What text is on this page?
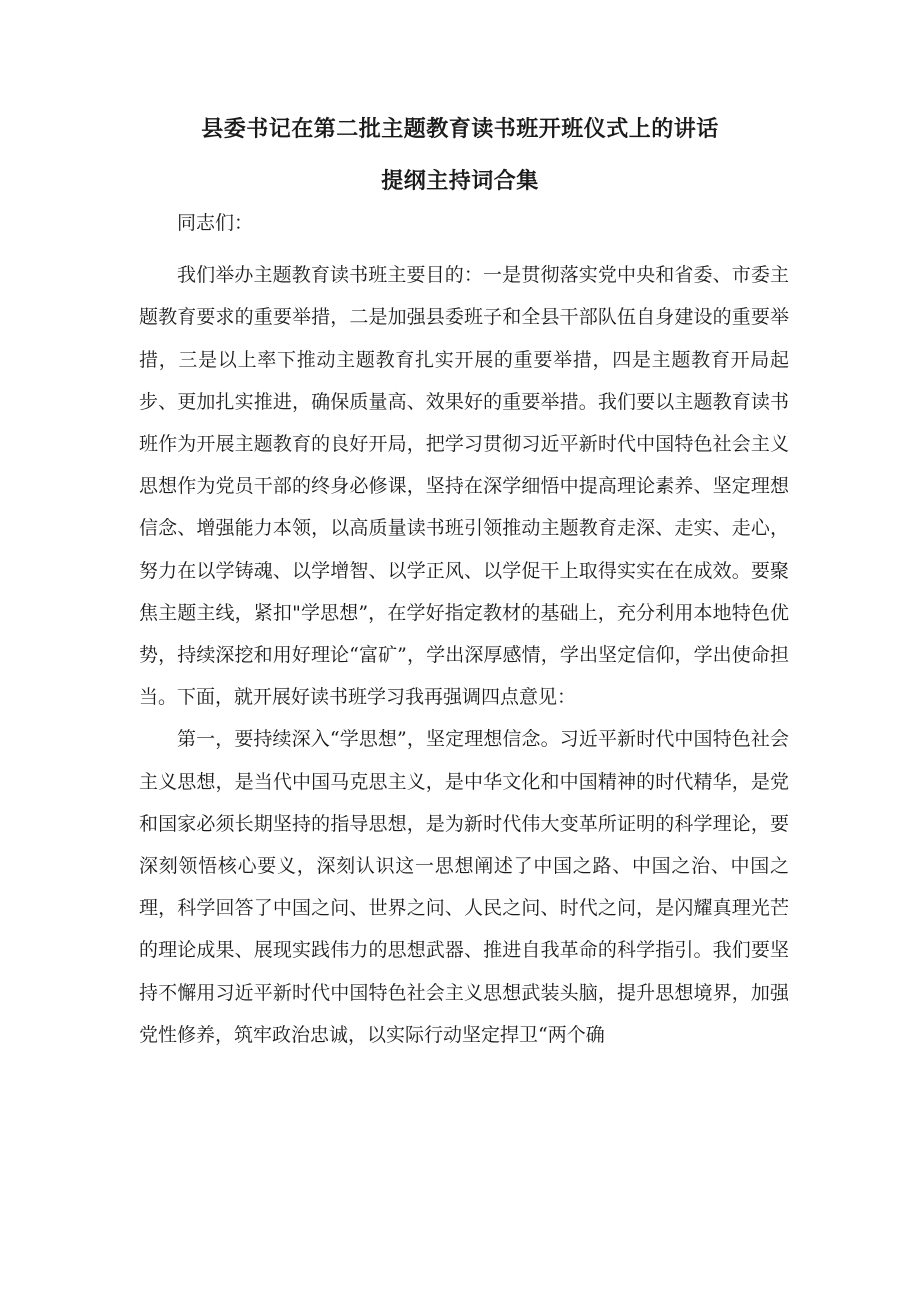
县委书记在第二批主题教育读书班开班仪式上的讲话
提纲主持词合集

同志们：

我们举办主题教育读书班主要目的：一是贯彻落实党中央和省委、市委主题教育要求的重要举措，二是加强县委班子和全县干部队伍自身建设的重要举措，三是以上率下推动主题教育扎实开展的重要举措，四是主题教育开局起步、更加扎实推进，确保质量高、效果好的重要举措。我们要以主题教育读书班作为开展主题教育的良好开局，把学习贯彻习近平新时代中国特色社会主义思想作为党员干部的终身必修课，坚持在深学细悟中提高理论素养、坚定理想信念、增强能力本领，以高质量读书班引领推动主题教育走深、走实、走心，努力在以学铸魂、以学增智、以学正风、以学促干上取得实实在在成效。要聚焦主题主线，紧扣"学思想”，在学好指定教材的基础上，充分利用本地特色优势，持续深挖和用好理论“富矿”，学出深厚感情，学出坚定信仰，学出使命担当。下面，就开展好读书班学习我再强调四点意见：

第一，要持续深入“学思想”，坚定理想信念。习近平新时代中国特色社会主义思想，是当代中国马克思主义，是中华文化和中国精神的时代精华，是党和国家必须长期坚持的指导思想，是为新时代伟大变革所证明的科学理论，要深刻领悟核心要义，深刻认识这一思想阐述了中国之路、中国之治、中国之理，科学回答了中国之问、世界之问、人民之问、时代之问，是闪耀真理光芒的理论成果、展现实践伟力的思想武器、推进自我革命的科学指引。我们要坚持不懈用习近平新时代中国特色社会主义思想武装头脑，提升思想境界，加强党性修养，筑牢政治忠诚，以实际行动坚定捍卫“两个确
